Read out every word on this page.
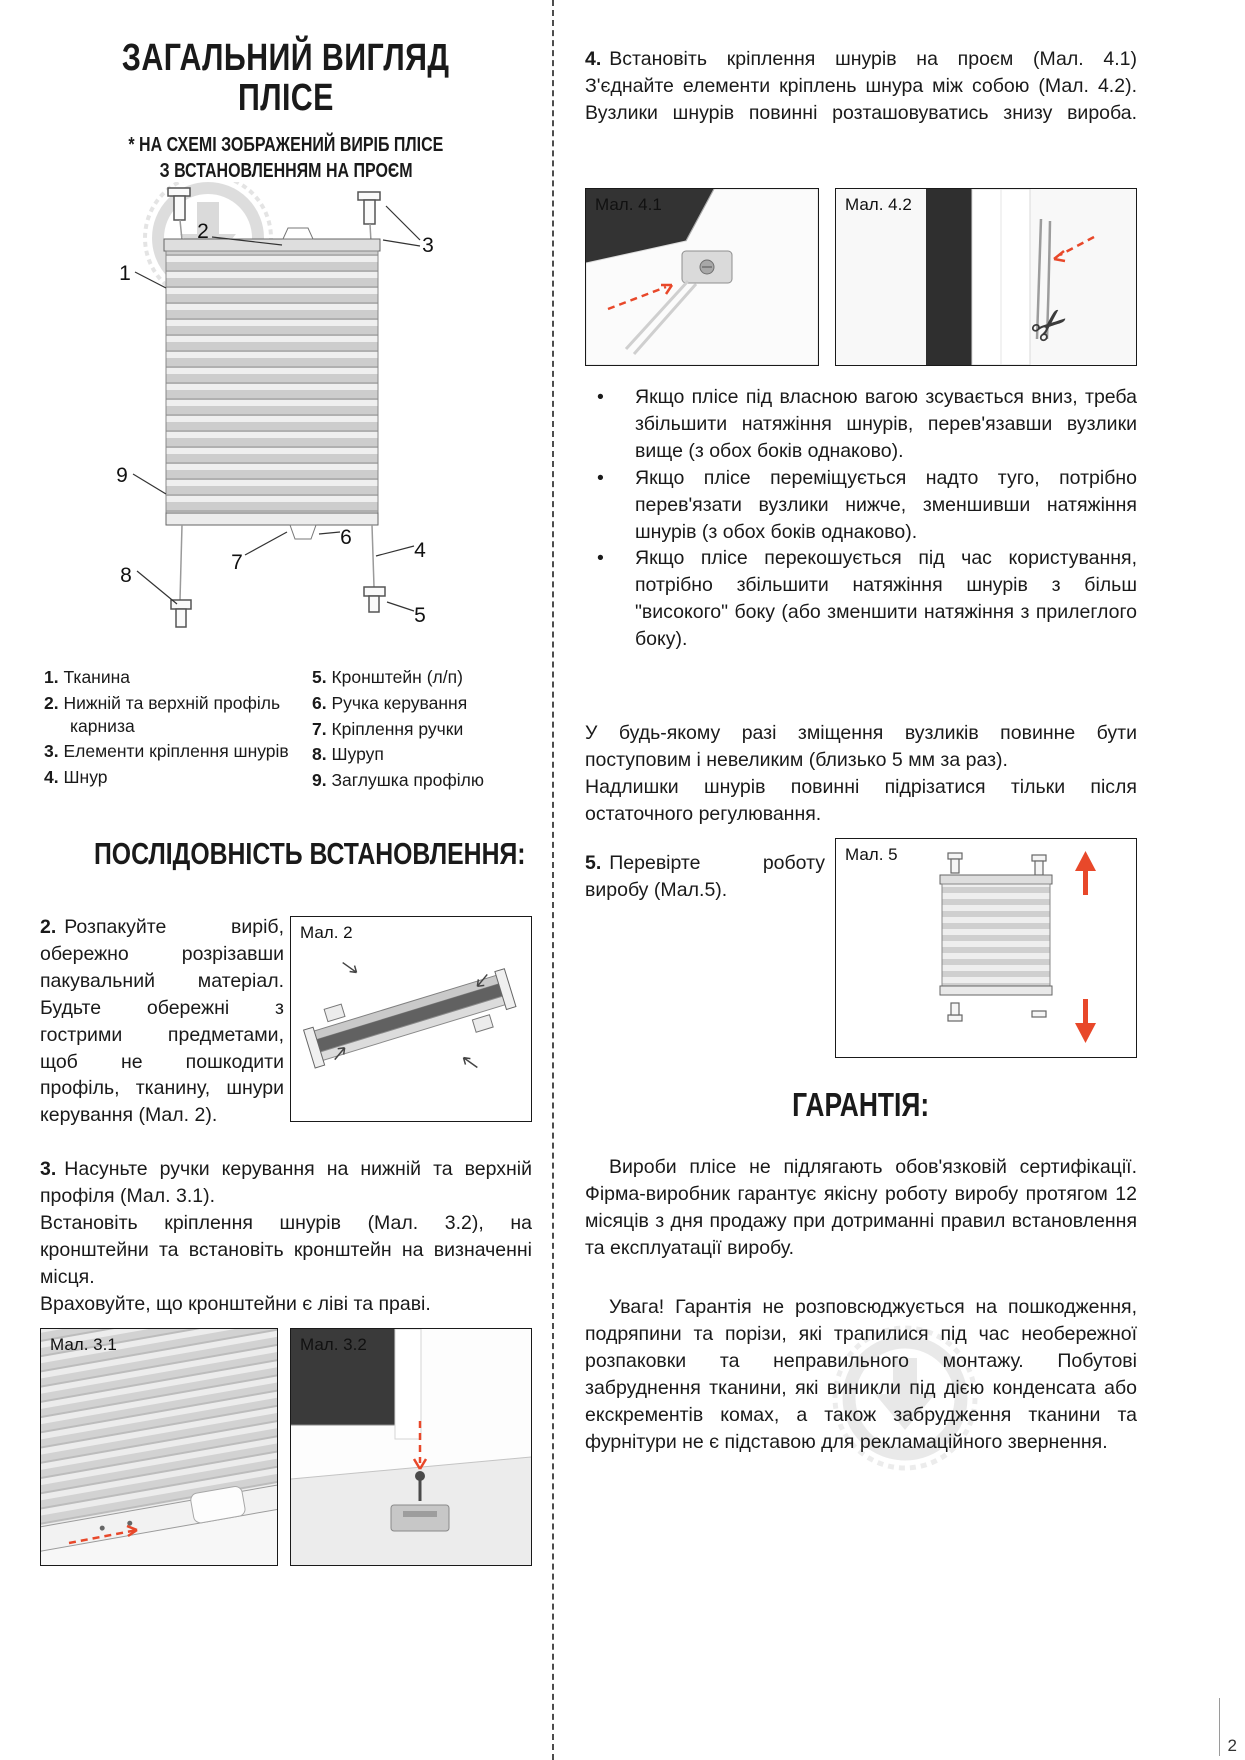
ЗАГАЛЬНИЙ ВИГЛЯД
ПЛІСЕ
* НА СХЕМІ ЗОБРАЖЕНИЙ ВИРІБ ПЛІСЕ
З ВСТАНОВЛЕННЯМ НА ПРОЄМ
1
2
3
4
5
6
7
8
9
1. Тканина
2. Нижній та верхній профіль карниза
3. Елементи кріплення шнурів
4. Шнур
5. Кронштейн (л/п)
6. Ручка керування
7. Кріплення ручки
8. Шуруп
9. Заглушка профілю
ПОСЛІДОВНІСТЬ ВСТАНОВЛЕННЯ:

2. Розпакуйте виріб, обережно розрізавши пакувальний матеріал. Будьте обережні з гострими предметами, щоб не пошкодити профіль, тканину, шнури керування (Мал. 2).

Мал. 2

3. Насуньте ручки керування на нижній та верхній профіля (Мал. 3.1).

Встановіть кріплення шнурів (Мал. 3.2), на кронштейни та встановіть кронштейн на визначенні місця.

Враховуйте, що кронштейни є ліві та праві.

Мал. 3.1	Мал. 3.2

4. Встановіть кріплення шнурів на проєм (Мал. 4.1) З'єднайте елементи кріплень шнура між собою (Мал. 4.2). Вузлики шнурів повинні розташовуватись знизу вироба.

Мал. 4.1	Мал. 4.2
✂
•	Якщо плісе під власною вагою зсувається вниз, треба збільшити натяжіння шнурів, перев'язавши вузлики вище (з обох боків однаково).
•	Якщо плісе переміщується надто туго, потрібно перев'язати вузлики нижче, зменшивши натяжіння шнурів (з обох боків однаково).
•	Якщо плісе перекошується під час користування, потрібно збільшити натяжіння шнурів з більш "високого" боку (або зменшити натяжіння з прилеглого боку).

У будь-якому разі зміщення вузликів повинне бути поступовим і невеликим (близько 5 мм за раз).

Надлишки шнурів повинні підрізатися тільки після остаточного регулювання.

5. Перевірте роботу виробу (Мал.5).

Мал. 5
ГАРАНТІЯ:

Вироби плісе не підлягають обов'язковій сертифікації. Фірма-виробник гарантує якісну роботу виробу протягом 12 місяців з дня продажу при дотриманні правил встановлення та експлуатації виробу.

Увага! Гарантія не розповсюджується на пошкодження, подряпини та порізи, які трапилися під час необережної розпаковки та неправильного монтажу. Побутові забруднення тканини, які виникли під дією конденсата або екскрементів комах, а також забрудження тканини та фурнітури не є підставою для рекламаційного звернення.

2
